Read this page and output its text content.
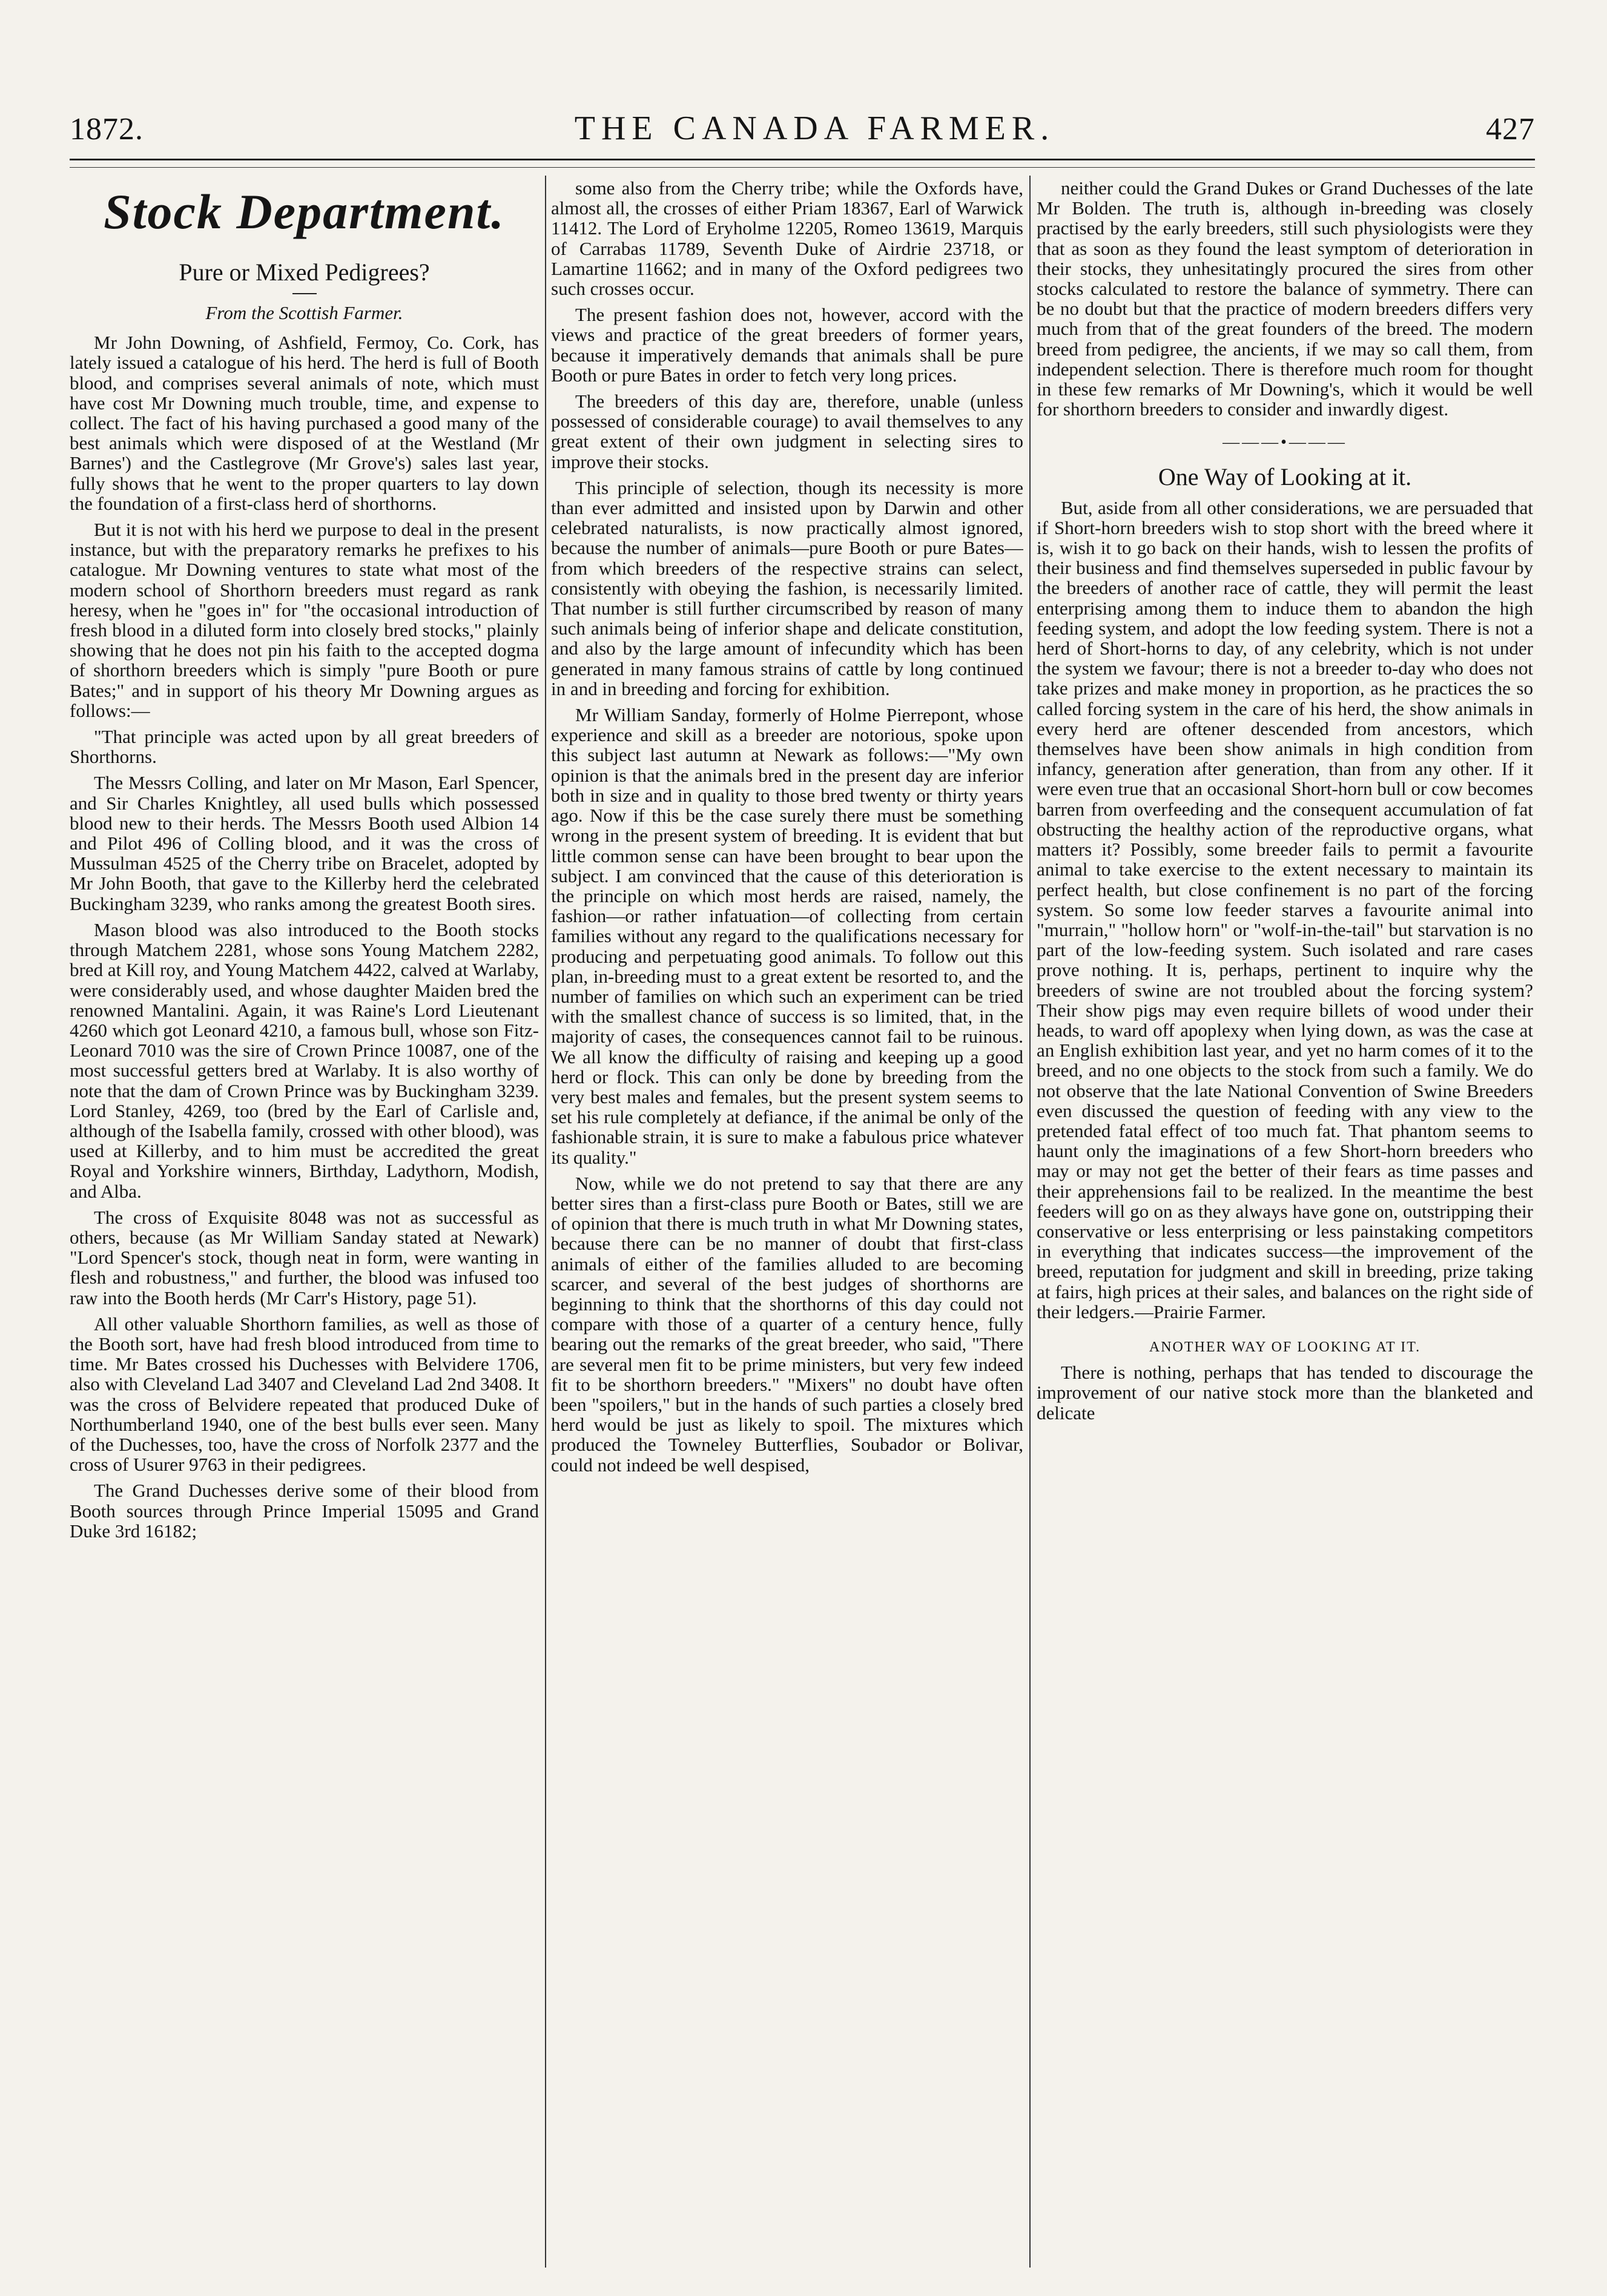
1872.	THE CANADA FARMER.	427
Stock Department.
Pure or Mixed Pedigrees?
From the Scottish Farmer.

Mr John Downing, of Ashfield, Fermoy, Co. Cork, has lately issued a catalogue of his herd. The herd is full of Booth blood, and comprises several animals of note, which must have cost Mr Downing much trouble, time, and expense to collect. The fact of his having purchased a good many of the best animals which were disposed of at the Westland (Mr Barnes') and the Castlegrove (Mr Grove's) sales last year, fully shows that he went to the proper quarters to lay down the foundation of a first-class herd of shorthorns.

But it is not with his herd we purpose to deal in the present instance, but with the preparatory remarks he prefixes to his catalogue. Mr Downing ventures to state what most of the modern school of Shorthorn breeders must regard as rank heresy, when he "goes in" for "the occasional introduction of fresh blood in a diluted form into closely bred stocks," plainly showing that he does not pin his faith to the accepted dogma of shorthorn breeders which is simply "pure Booth or pure Bates;" and in support of his theory Mr Downing argues as follows:—

"That principle was acted upon by all great breeders of Shorthorns.

The Messrs Colling, and later on Mr Mason, Earl Spencer, and Sir Charles Knightley, all used bulls which possessed blood new to their herds. The Messrs Booth used Albion 14 and Pilot 496 of Colling blood, and it was the cross of Mussulman 4525 of the Cherry tribe on Bracelet, adopted by Mr John Booth, that gave to the Killerby herd the celebrated Buckingham 3239, who ranks among the greatest Booth sires.

Mason blood was also introduced to the Booth stocks through Matchem 2281, whose sons Young Matchem 2282, bred at Kill roy, and Young Matchem 4422, calved at Warlaby, were considerably used, and whose daughter Maiden bred the renowned Mantalini. Again, it was Raine's Lord Lieutenant 4260 which got Leonard 4210, a famous bull, whose son Fitz-Leonard 7010 was the sire of Crown Prince 10087, one of the most successful getters bred at Warlaby. It is also worthy of note that the dam of Crown Prince was by Buckingham 3239. Lord Stanley, 4269, too (bred by the Earl of Carlisle and, although of the Isabella family, crossed with other blood), was used at Killerby, and to him must be accredited the great Royal and Yorkshire winners, Birthday, Ladythorn, Modish, and Alba.

The cross of Exquisite 8048 was not as successful as others, because (as Mr William Sanday stated at Newark) "Lord Spencer's stock, though neat in form, were wanting in flesh and robustness," and further, the blood was infused too raw into the Booth herds (Mr Carr's History, page 51).

All other valuable Shorthorn families, as well as those of the Booth sort, have had fresh blood introduced from time to time. Mr Bates crossed his Duchesses with Belvidere 1706, also with Cleveland Lad 3407 and Cleveland Lad 2nd 3408. It was the cross of Belvidere repeated that produced Duke of Northumberland 1940, one of the best bulls ever seen. Many of the Duchesses, too, have the cross of Norfolk 2377 and the cross of Usurer 9763 in their pedigrees.

The Grand Duchesses derive some of their blood from Booth sources through Prince Imperial 15095 and Grand Duke 3rd 16182;

some also from the Cherry tribe; while the Oxfords have, almost all, the crosses of either Priam 18367, Earl of Warwick 11412. The Lord of Eryholme 12205, Romeo 13619, Marquis of Carrabas 11789, Seventh Duke of Airdrie 23718, or Lamartine 11662; and in many of the Oxford pedigrees two such crosses occur.

The present fashion does not, however, accord with the views and practice of the great breeders of former years, because it imperatively demands that animals shall be pure Booth or pure Bates in order to fetch very long prices.

The breeders of this day are, therefore, unable (unless possessed of considerable courage) to avail themselves to any great extent of their own judgment in selecting sires to improve their stocks.

This principle of selection, though its necessity is more than ever admitted and insisted upon by Darwin and other celebrated naturalists, is now practically almost ignored, because the number of animals—pure Booth or pure Bates—from which breeders of the respective strains can select, consistently with obeying the fashion, is necessarily limited. That number is still further circumscribed by reason of many such animals being of inferior shape and delicate constitution, and also by the large amount of infecundity which has been generated in many famous strains of cattle by long continued in and in breeding and forcing for exhibition.

Mr William Sanday, formerly of Holme Pierrepont, whose experience and skill as a breeder are notorious, spoke upon this subject last autumn at Newark as follows:—"My own opinion is that the animals bred in the present day are inferior both in size and in quality to those bred twenty or thirty years ago. Now if this be the case surely there must be something wrong in the present system of breeding. It is evident that but little common sense can have been brought to bear upon the subject. I am convinced that the cause of this deterioration is the principle on which most herds are raised, namely, the fashion—or rather infatuation—of collecting from certain families without any regard to the qualifications necessary for producing and perpetuating good animals. To follow out this plan, in-breeding must to a great extent be resorted to, and the number of families on which such an experiment can be tried with the smallest chance of success is so limited, that, in the majority of cases, the consequences cannot fail to be ruinous. We all know the difficulty of raising and keeping up a good herd or flock. This can only be done by breeding from the very best males and females, but the present system seems to set his rule completely at defiance, if the animal be only of the fashionable strain, it is sure to make a fabulous price whatever its quality."

Now, while we do not pretend to say that there are any better sires than a first-class pure Booth or Bates, still we are of opinion that there is much truth in what Mr Downing states, because there can be no manner of doubt that first-class animals of either of the families alluded to are becoming scarcer, and several of the best judges of shorthorns are beginning to think that the shorthorns of this day could not compare with those of a quarter of a century hence, fully bearing out the remarks of the great breeder, who said, "There are several men fit to be prime ministers, but very few indeed fit to be shorthorn breeders." "Mixers" no doubt have often been "spoilers," but in the hands of such parties a closely bred herd would be just as likely to spoil. The mixtures which produced the Towneley Butterflies, Soubador or Bolivar, could not indeed be well despised,

neither could the Grand Dukes or Grand Duchesses of the late Mr Bolden. The truth is, although in-breeding was closely practised by the early breeders, still such physiologists were they that as soon as they found the least symptom of deterioration in their stocks, they unhesitatingly procured the sires from other stocks calculated to restore the balance of symmetry. There can be no doubt but that the practice of modern breeders differs very much from that of the great founders of the breed. The modern breed from pedigree, the ancients, if we may so call them, from independent selection. There is therefore much room for thought in these few remarks of Mr Downing's, which it would be well for shorthorn breeders to consider and inwardly digest.

———•———
One Way of Looking at it.

But, aside from all other considerations, we are persuaded that if Short-horn breeders wish to stop short with the breed where it is, wish it to go back on their hands, wish to lessen the profits of their business and find themselves superseded in public favour by the breeders of another race of cattle, they will permit the least enterprising among them to induce them to abandon the high feeding system, and adopt the low feeding system. There is not a herd of Short-horns to day, of any celebrity, which is not under the system we favour; there is not a breeder to-day who does not take prizes and make money in proportion, as he practices the so called forcing system in the care of his herd, the show animals in every herd are oftener descended from ancestors, which themselves have been show animals in high condition from infancy, generation after generation, than from any other. If it were even true that an occasional Short-horn bull or cow becomes barren from overfeeding and the consequent accumulation of fat obstructing the healthy action of the reproductive organs, what matters it? Possibly, some breeder fails to permit a favourite animal to take exercise to the extent necessary to maintain its perfect health, but close confinement is no part of the forcing system. So some low feeder starves a favourite animal into "murrain," "hollow horn" or "wolf-in-the-tail" but starvation is no part of the low-feeding system. Such isolated and rare cases prove nothing. It is, perhaps, pertinent to inquire why the breeders of swine are not troubled about the forcing system? Their show pigs may even require billets of wood under their heads, to ward off apoplexy when lying down, as was the case at an English exhibition last year, and yet no harm comes of it to the breed, and no one objects to the stock from such a family. We do not observe that the late National Convention of Swine Breeders even discussed the question of feeding with any view to the pretended fatal effect of too much fat. That phantom seems to haunt only the imaginations of a few Short-horn breeders who may or may not get the better of their fears as time passes and their apprehensions fail to be realized. In the meantime the best feeders will go on as they always have gone on, outstripping their conservative or less enterprising or less painstaking competitors in everything that indicates success—the improvement of the breed, reputation for judgment and skill in breeding, prize taking at fairs, high prices at their sales, and balances on the right side of their ledgers.—Prairie Farmer.

ANOTHER WAY OF LOOKING AT IT.

There is nothing, perhaps that has tended to discourage the improvement of our native stock more than the blanketed and delicate
